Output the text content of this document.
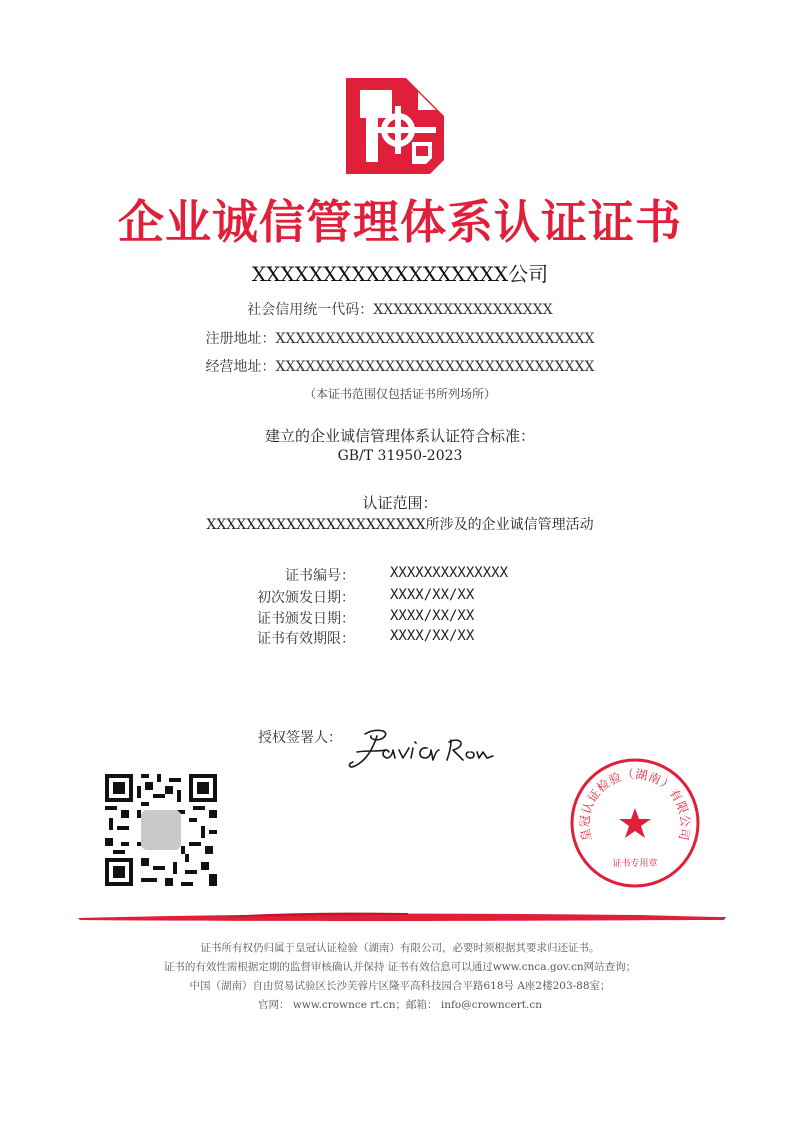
企业诚信管理体系认证证书
XXXXXXXXXXXXXXXXXX公司
社会信用统一代码：XXXXXXXXXXXXXXXXXX
注册地址：XXXXXXXXXXXXXXXXXXXXXXXXXXXXXXXX
经营地址：XXXXXXXXXXXXXXXXXXXXXXXXXXXXXXXX
（本证书范围仅包括证书所列场所）
建立的企业诚信管理体系认证符合标准：
GB/T 31950-2023
认证范围：
XXXXXXXXXXXXXXXXXXXXXX所涉及的企业诚信管理活动
证书编号：	XXXXXXXXXXXXXX
初次颁发日期：	XXXX/XX/XX
证书颁发日期：	XXXX/XX/XX
证书有效期限：	XXXX/XX/XX
授权签署人：
皇冠认证检验（湖南）有限公司
证书专用章
证书所有权仍归属于皇冠认证检验（湖南）有限公司，必要时须根据其要求归还证书。
证书的有效性需根据定期的监督审核确认并保持 证书有效信息可以通过www.cnca.gov.cn网站查询；
中国（湖南）自由贸易试验区长沙芙蓉片区隆平高科技园合平路618号 A座2楼203-88室；
官网： www.crownce rt.cn；邮箱： info@crowncert.cn
